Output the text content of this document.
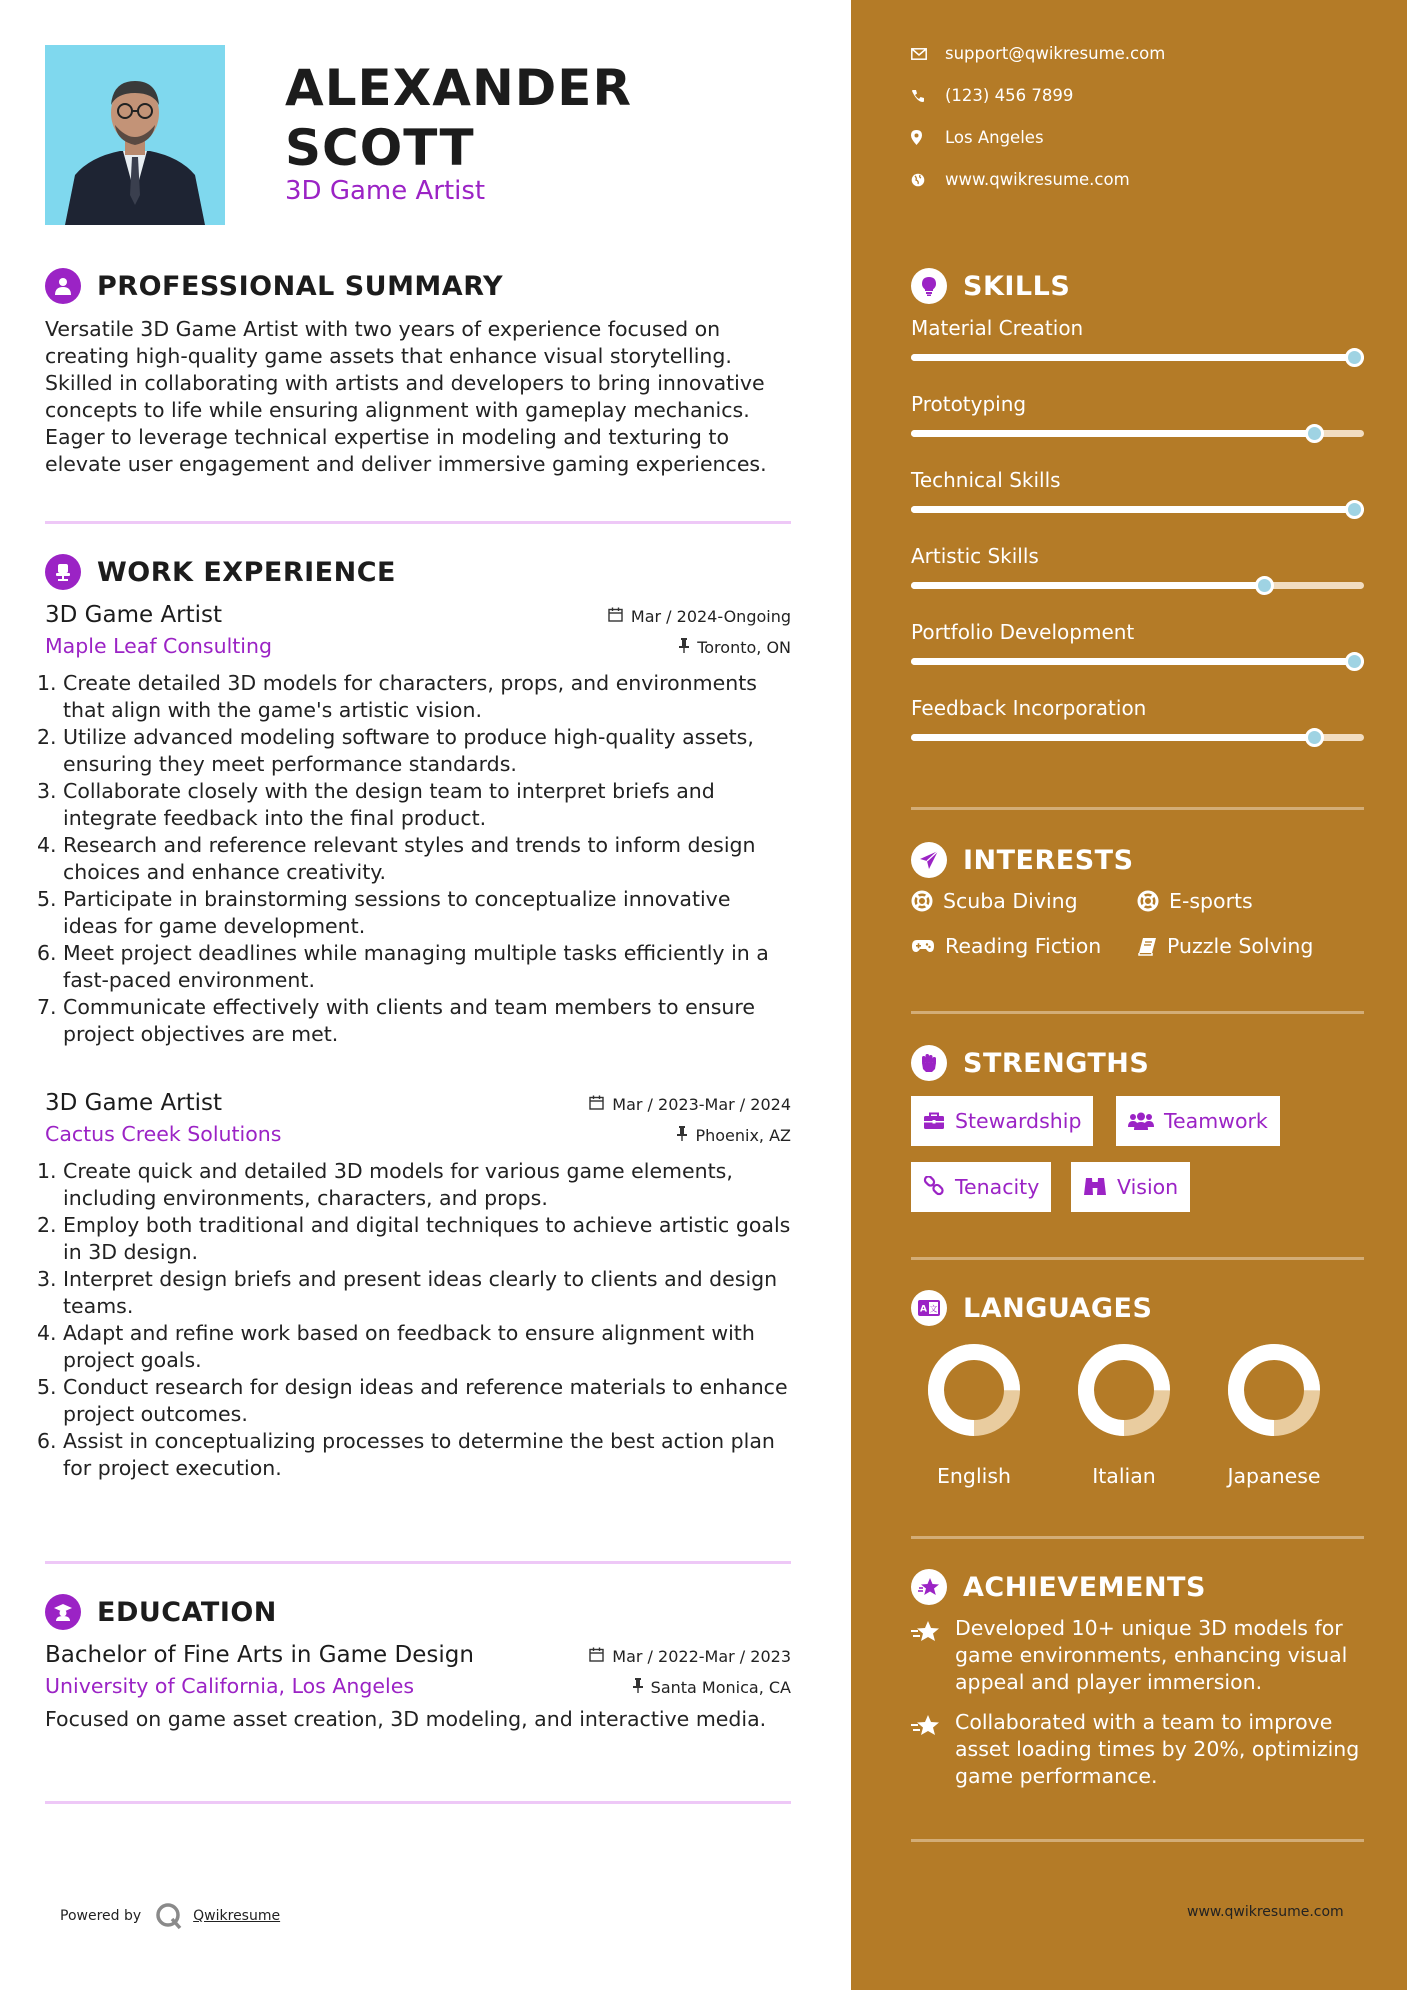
ALEXANDER
SCOTT
3D Game Artist
PROFESSIONAL SUMMARY

Versatile 3D Game Artist with two years of experience focused on creating high-quality game assets that enhance visual storytelling. Skilled in collaborating with artists and developers to bring innovative concepts to life while ensuring alignment with gameplay mechanics. Eager to leverage technical expertise in modeling and texturing to elevate user engagement and deliver immersive gaming experiences.

WORK EXPERIENCE
3D Game Artist	Mar / 2024-Ongoing
Maple Leaf Consulting	Toronto, ON
1. Create detailed 3D models for characters, props, and environments that align with the game's artistic vision.
2. Utilize advanced modeling software to produce high-quality assets, ensuring they meet performance standards.
3. Collaborate closely with the design team to interpret briefs and integrate feedback into the final product.
4. Research and reference relevant styles and trends to inform design choices and enhance creativity.
5. Participate in brainstorming sessions to conceptualize innovative ideas for game development.
6. Meet project deadlines while managing multiple tasks efficiently in a fast-paced environment.
7. Communicate effectively with clients and team members to ensure project objectives are met.
3D Game Artist	Mar / 2023-Mar / 2024
Cactus Creek Solutions	Phoenix, AZ
1. Create quick and detailed 3D models for various game elements, including environments, characters, and props.
2. Employ both traditional and digital techniques to achieve artistic goals in 3D design.
3. Interpret design briefs and present ideas clearly to clients and design teams.
4. Adapt and refine work based on feedback to ensure alignment with project goals.
5. Conduct research for design ideas and reference materials to enhance project outcomes.
6. Assist in conceptualizing processes to determine the best action plan for project execution.
EDUCATION
Bachelor of Fine Arts in Game Design	Mar / 2022-Mar / 2023
University of California, Los Angeles	Santa Monica, CA

Focused on game asset creation, 3D modeling, and interactive media.

Powered by	Qwikresume
support@qwikresume.com
(123) 456 7899
Los Angeles
www.qwikresume.com
SKILLS
Material Creation
Prototyping
Technical Skills
Artistic Skills
Portfolio Development
Feedback Incorporation
INTERESTS
Scuba Diving	E-sports
Reading Fiction	Puzzle Solving
STRENGTHS
Stewardship	Teamwork
Tenacity	Vision
A 文 LANGUAGES
English	Italian	Japanese
ACHIEVEMENTS
Developed 10+ unique 3D models for game environments, enhancing visual appeal and player immersion.
Collaborated with a team to improve asset loading times by 20%, optimizing game performance.
www.qwikresume.com
